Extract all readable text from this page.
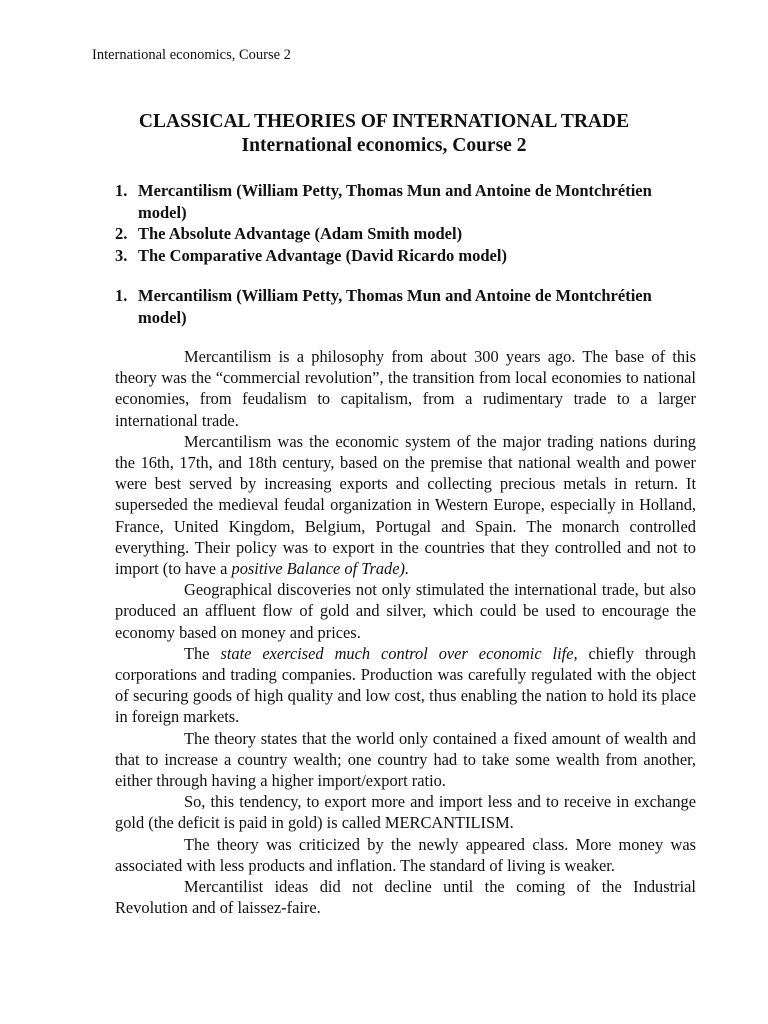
International economics, Course 2
CLASSICAL THEORIES OF INTERNATIONAL TRADE
International economics, Course 2
1. Mercantilism (William Petty, Thomas Mun and Antoine de Montchrétien model)
2. The Absolute Advantage (Adam Smith model)
3. The Comparative Advantage (David Ricardo model)
1. Mercantilism (William Petty, Thomas Mun and Antoine de Montchrétien model)

Mercantilism is a philosophy from about 300 years ago. The base of this theory was the “commercial revolution”, the transition from local economies to national economies, from feudalism to capitalism, from a rudimentary trade to a larger international trade.

Mercantilism was the economic system of the major trading nations during the 16th, 17th, and 18th century, based on the premise that national wealth and power were best served by increasing exports and collecting precious metals in return. It superseded the medieval feudal organization in Western Europe, especially in Holland, France, United Kingdom, Belgium, Portugal and Spain. The monarch controlled everything. Their policy was to export in the countries that they controlled and not to import (to have a positive Balance of Trade).

Geographical discoveries not only stimulated the international trade, but also produced an affluent flow of gold and silver, which could be used to encourage the economy based on money and prices.

The state exercised much control over economic life, chiefly through corporations and trading companies. Production was carefully regulated with the object of securing goods of high quality and low cost, thus enabling the nation to hold its place in foreign markets.

The theory states that the world only contained a fixed amount of wealth and that to increase a country wealth; one country had to take some wealth from another, either through having a higher import/export ratio.

So, this tendency, to export more and import less and to receive in exchange gold (the deficit is paid in gold) is called MERCANTILISM.

The theory was criticized by the newly appeared class. More money was associated with less products and inflation. The standard of living is weaker.

Mercantilist ideas did not decline until the coming of the Industrial Revolution and of laissez-faire.
